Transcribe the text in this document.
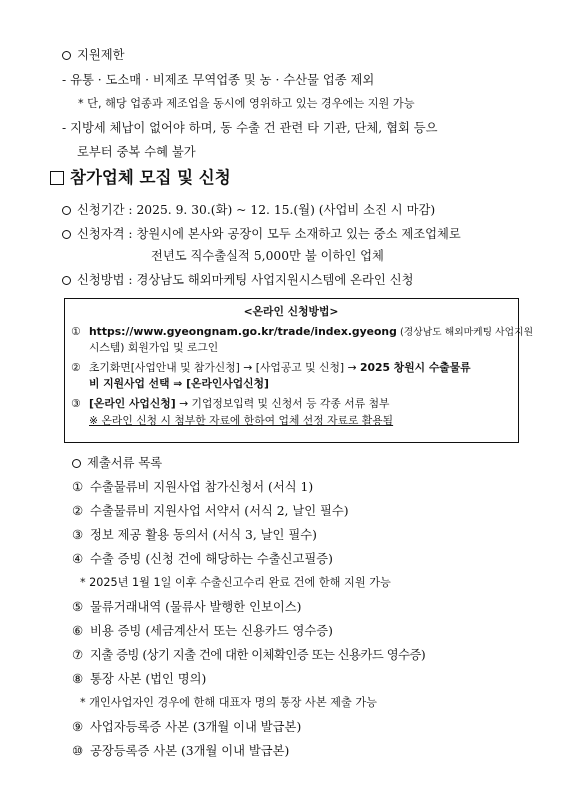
지원제한
- 유통 · 도소매 · 비제조 무역업종 및 농 · 수산물 업종 제외
* 단, 해당 업종과 제조업을 동시에 영위하고 있는 경우에는 지원 가능
- 지방세 체납이 없어야 하며, 동 수출 건 관련 타 기관, 단체, 협회 등으
로부터 중복 수혜 불가
참가업체 모집 및 신청
신청기간 : 2025. 9. 30.(화) ~ 12. 15.(월) (사업비 소진 시 마감)
신청자격 : 창원시에 본사와 공장이 모두 소재하고 있는 중소 제조업체로
전년도 직수출실적 5,000만 불 이하인 업체
신청방법 : 경상남도 해외마케팅 사업지원시스템에 온라인 신청
<온라인 신청방법>
① https://www.gyeongnam.go.kr/trade/index.gyeong (경상남도 해외마케팅 사업지원
시스템) 회원가입 및 로그인
② 초기화면[사업안내 및 참가신청] → [사업공고 및 신청] → 2025 창원시 수출물류
비 지원사업 선택 ⇒ [온라인사업신청]
③ [온라인 사업신청] → 기업정보입력 및 신청서 등 각종 서류 첨부
※ 온라인 신청 시 첨부한 자료에 한하여 업체 선정 자료로 활용됨
제출서류 목록
① 수출물류비 지원사업 참가신청서 (서식 1)
② 수출물류비 지원사업 서약서 (서식 2, 날인 필수)
③ 정보 제공 활용 동의서 (서식 3, 날인 필수)
④ 수출 증빙 (신청 건에 해당하는 수출신고필증)
* 2025년 1월 1일 이후 수출신고수리 완료 건에 한해 지원 가능
⑤ 물류거래내역 (물류사 발행한 인보이스)
⑥ 비용 증빙 (세금계산서 또는 신용카드 영수증)
⑦ 지출 증빙 (상기 지출 건에 대한 이체확인증 또는 신용카드 영수증)
⑧ 통장 사본 (법인 명의)
* 개인사업자인 경우에 한해 대표자 명의 통장 사본 제출 가능
⑨ 사업자등록증 사본 (3개월 이내 발급본)
⑩ 공장등록증 사본 (3개월 이내 발급본)
